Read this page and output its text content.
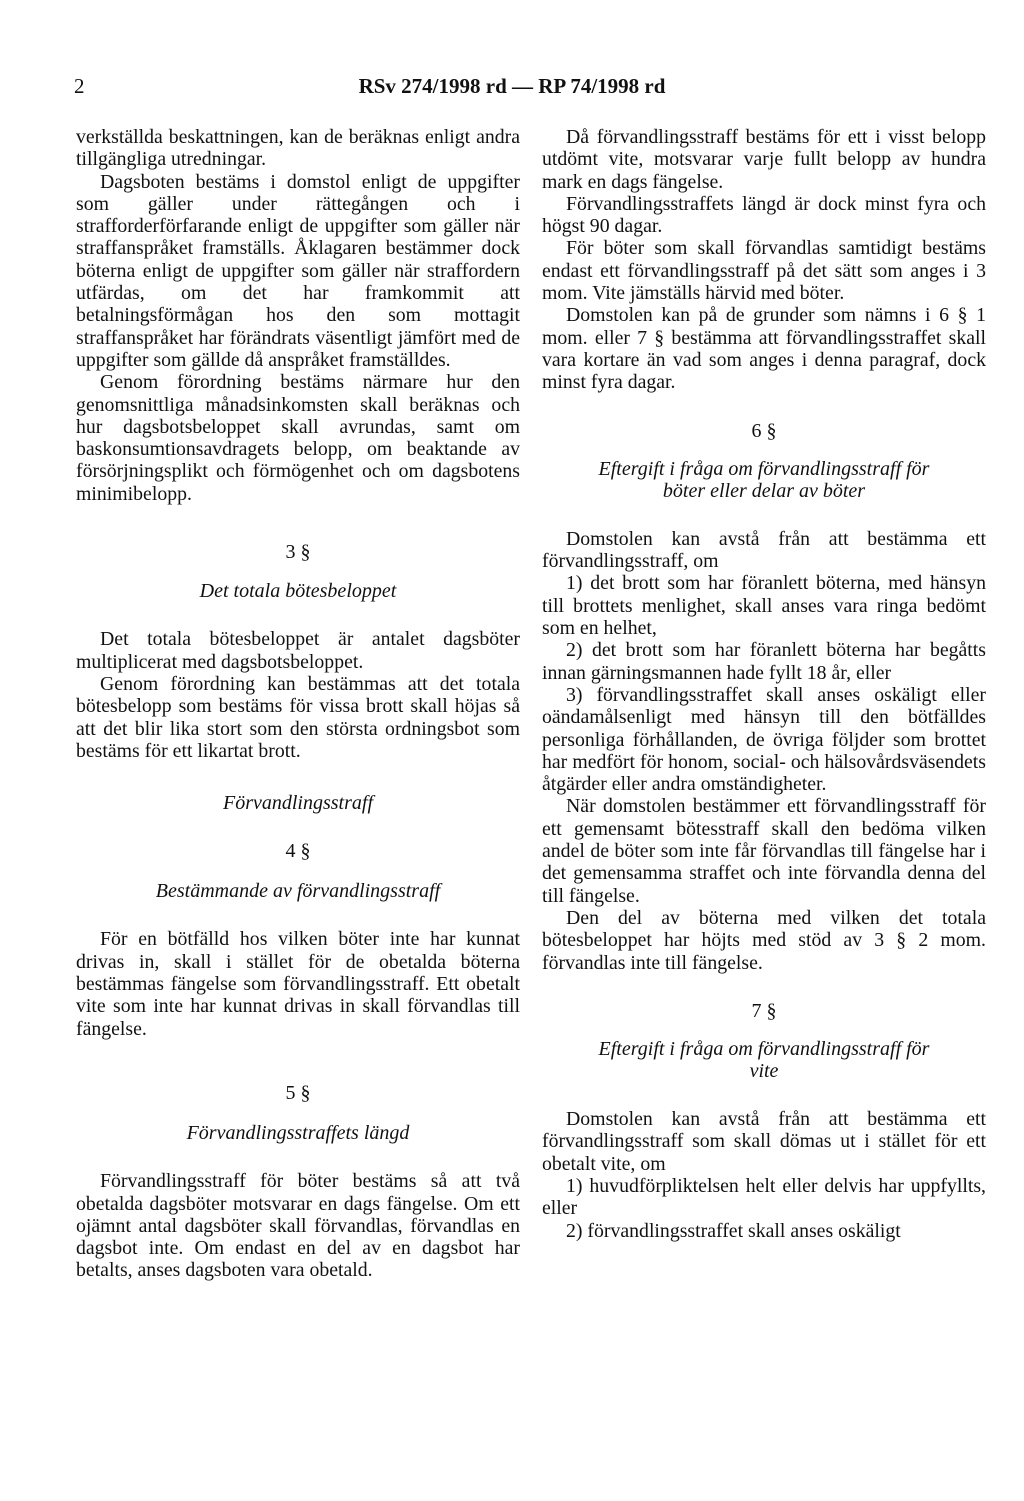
2	RSv 274/1998 rd — RP 74/1998 rd

verkställda beskattningen, kan de beräknas enligt andra tillgängliga utredningar.

Dagsboten bestäms i domstol enligt de uppgifter som gäller under rättegången och i strafforderförfarande enligt de uppgifter som gäller när straffanspråket framställs. Åklagaren bestämmer dock böterna enligt de uppgifter som gäller när straffordern utfärdas, om det har framkommit att betalningsförmågan hos den som mottagit straffanspråket har förändrats väsentligt jämfört med de uppgifter som gällde då anspråket framställdes.

Genom förordning bestäms närmare hur den genomsnittliga månadsinkomsten skall beräknas och hur dagsbotsbeloppet skall avrundas, samt om baskonsumtionsavdragets belopp, om beaktande av försörjningsplikt och förmögenhet och om dagsbotens minimibelopp.

3 §
Det totala bötesbeloppet

Det totala bötesbeloppet är antalet dagsböter multiplicerat med dagsbotsbeloppet.

Genom förordning kan bestämmas att det totala bötesbelopp som bestäms för vissa brott skall höjas så att det blir lika stort som den största ordningsbot som bestäms för ett likartat brott.

Förvandlingsstraff
4 §
Bestämmande av förvandlingsstraff

För en bötfälld hos vilken böter inte har kunnat drivas in, skall i stället för de obetalda böterna bestämmas fängelse som förvandlingsstraff. Ett obetalt vite som inte har kunnat drivas in skall förvandlas till fängelse.

5 §
Förvandlingsstraffets längd

Förvandlingsstraff för böter bestäms så att två obetalda dagsböter motsvarar en dags fängelse. Om ett ojämnt antal dagsböter skall förvandlas, förvandlas en dagsbot inte. Om endast en del av en dagsbot har betalts, anses dagsboten vara obetald.

Då förvandlingsstraff bestäms för ett i visst belopp utdömt vite, motsvarar varje fullt belopp av hundra mark en dags fängelse.

Förvandlingsstraffets längd är dock minst fyra och högst 90 dagar.

För böter som skall förvandlas samtidigt bestäms endast ett förvandlingsstraff på det sätt som anges i 3 mom. Vite jämställs härvid med böter.

Domstolen kan på de grunder som nämns i 6 § 1 mom. eller 7 § bestämma att förvandlingsstraffet skall vara kortare än vad som anges i denna paragraf, dock minst fyra dagar.

6 §
Eftergift i fråga om förvandlingsstraff för
böter eller delar av böter

Domstolen kan avstå från att bestämma ett förvandlingsstraff, om

1) det brott som har föranlett böterna, med hänsyn till brottets menlighet, skall anses vara ringa bedömt som en helhet,

2) det brott som har föranlett böterna har begåtts innan gärningsmannen hade fyllt 18 år, eller

3) förvandlingsstraffet skall anses oskäligt eller oändamålsenligt med hänsyn till den bötfälldes personliga förhållanden, de övriga följder som brottet har medfört för honom, social- och hälsovårdsväsendets åtgärder eller andra omständigheter.

När domstolen bestämmer ett förvandlingsstraff för ett gemensamt bötesstraff skall den bedöma vilken andel de böter som inte får förvandlas till fängelse har i det gemensamma straffet och inte förvandla denna del till fängelse.

Den del av böterna med vilken det totala bötesbeloppet har höjts med stöd av 3 § 2 mom. förvandlas inte till fängelse.

7 §
Eftergift i fråga om förvandlingsstraff för
vite

Domstolen kan avstå från att bestämma ett förvandlingsstraff som skall dömas ut i stället för ett obetalt vite, om

1) huvudförpliktelsen helt eller delvis har uppfyllts, eller

2) förvandlingsstraffet skall anses oskäligt
